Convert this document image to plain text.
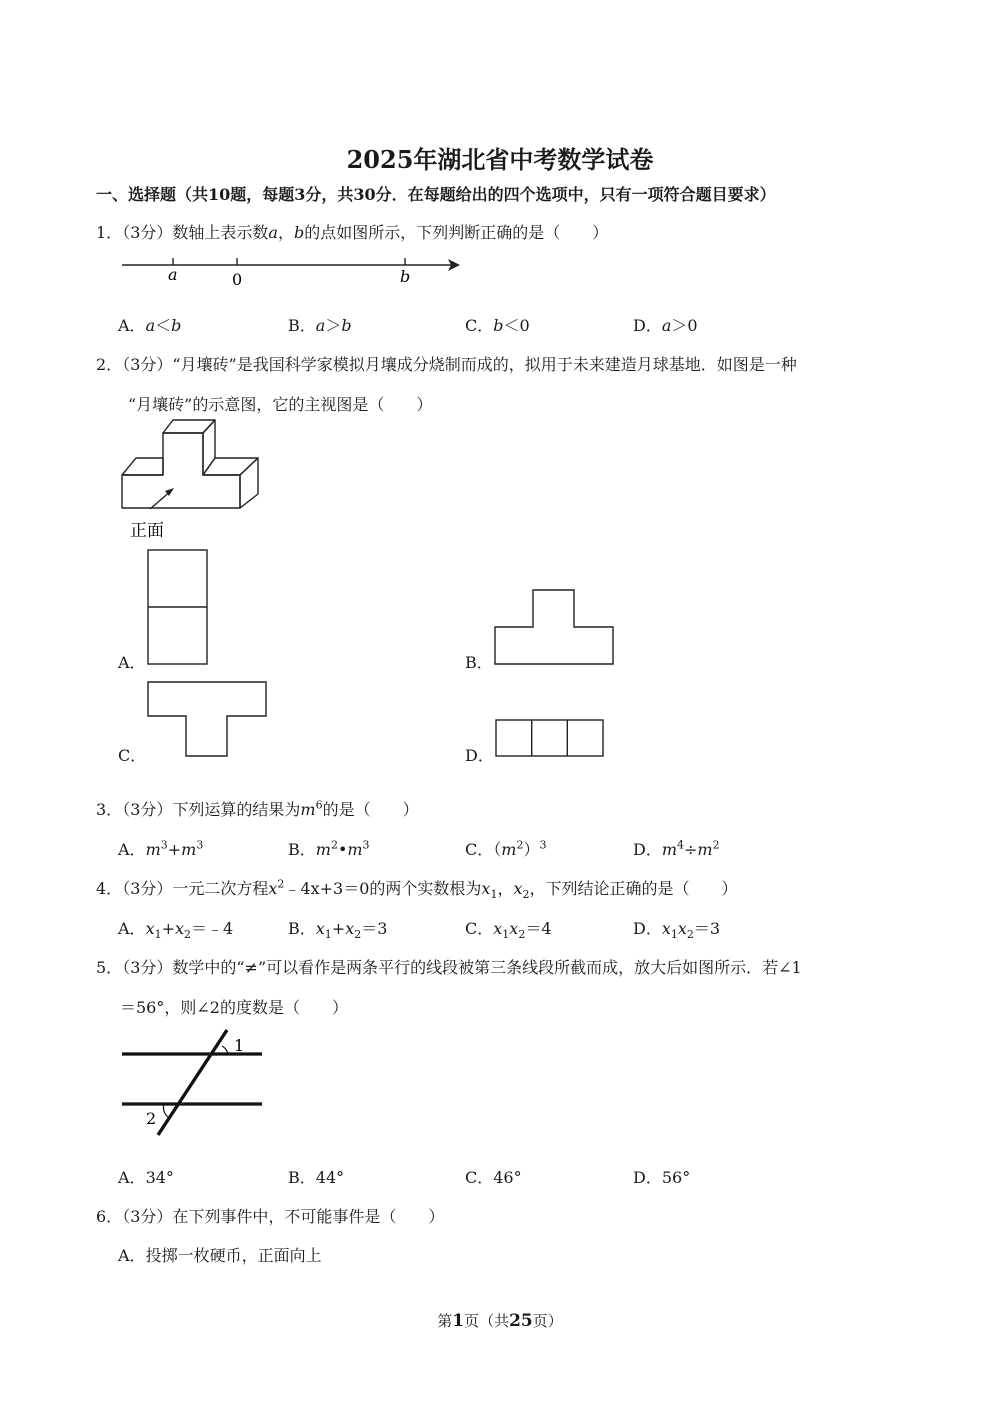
2025年湖北省中考数学试卷
一、选择题（共10题，每题3分，共30分．在每题给出的四个选项中，只有一项符合题目要求）
1．（3分）数轴上表示数a，b的点如图所示，下列判断正确的是（　　）
a	0	b
A．a＜b	B．a＞b	C．b＜0	D．a＞0
2．（3分）“月壤砖”是我国科学家模拟月壤成分烧制而成的，拟用于未来建造月球基地．如图是一种
“月壤砖”的示意图，它的主视图是（　　）
正面
A．	B．
C．	D．
3．（3分）下列运算的结果为$m^6$的是（　　）
A．$m^3+m^3$	B．$m^2•m^3$	C．$(m^2)^3$	D．$m^4\div m^2$
4．（3分）一元二次方程$x^2﹣4x+3=0$的两个实数根为$x_1$，$x_2$，下列结论正确的是（　　）
A．$x_1+x_2=﹣4$	B．$x_1+x_2=3$	C．$x_1x_2=4$	D．$x_1x_2=3$
5．（3分）数学中的“≠”可以看作是两条平行的线段被第三条线段所截而成，放大后如图所示．若∠1
＝56°，则∠2的度数是（　　）
1
2
A．34°	B．44°	C．46°	D．56°
6．（3分）在下列事件中，不可能事件是（　　）
A．投掷一枚硬币，正面向上
第1页（共25页）
